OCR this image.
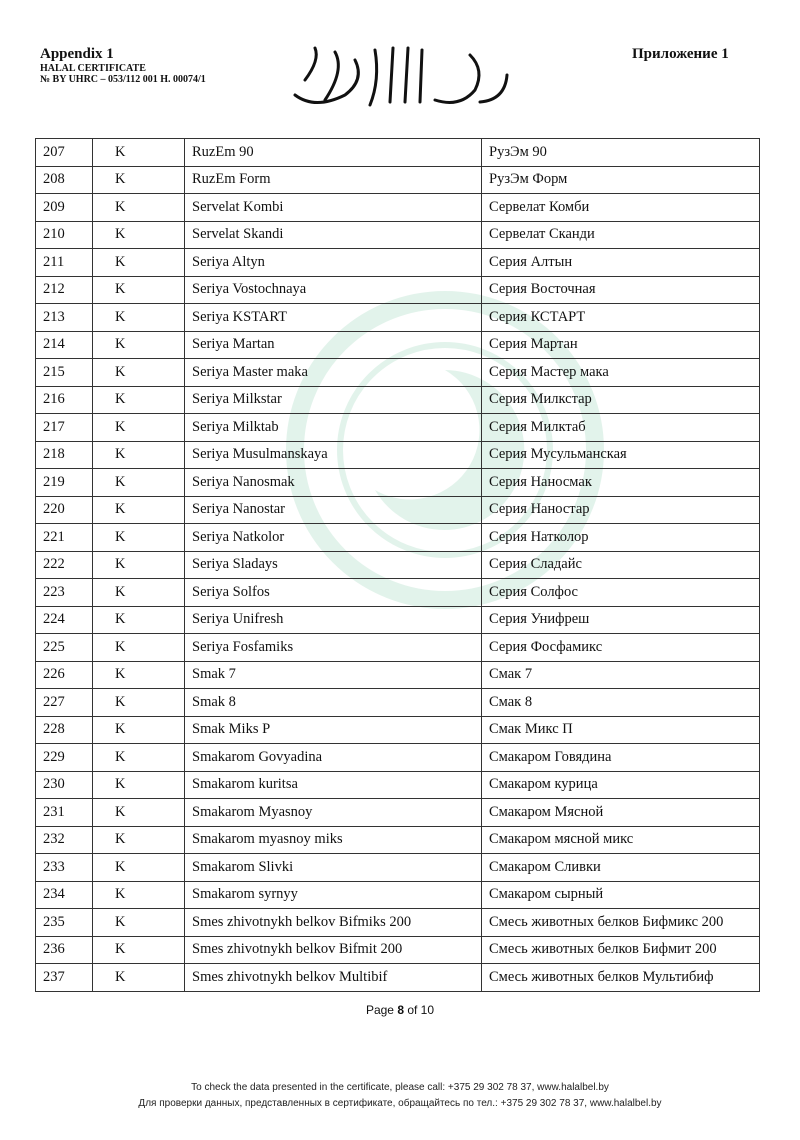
Appendix 1
HALAL CERTIFICATE
№ BY UHRC – 053/112 001 H. 00074/1
Приложение 1
207	K	RuzEm 90	РузЭм 90
208	K	RuzEm Form	РузЭм Форм
209	K	Servelat Kombi	Сервелат Комби
210	K	Servelat Skandi	Сервелат Сканди
211	K	Seriya Altyn	Серия Алтын
212	K	Seriya Vostochnaya	Серия Восточная
213	K	Seriya KSTART	Серия КСТАРТ
214	K	Seriya Martan	Серия Мартан
215	K	Seriya Master maka	Серия Мастер мака
216	K	Seriya Milkstar	Серия Милкстар
217	K	Seriya Milktab	Серия Милктаб
218	K	Seriya Musulmanskaya	Серия Мусульманская
219	K	Seriya Nanosmak	Серия Наносмак
220	K	Seriya Nanostar	Серия Наностар
221	K	Seriya Natkolor	Серия Натколор
222	K	Seriya Sladays	Серия Сладайс
223	K	Seriya Solfos	Серия Солфос
224	K	Seriya Unifresh	Серия Унифреш
225	K	Seriya Fosfamiks	Серия Фосфамикс
226	K	Smak 7	Смак 7
227	K	Smak 8	Смак 8
228	K	Smak Miks P	Смак Микс П
229	K	Smakarom Govyadina	Смакаром Говядина
230	K	Smakarom kuritsa	Смакаром курица
231	K	Smakarom Myasnoy	Смакаром Мясной
232	K	Smakarom myasnoy miks	Смакаром мясной микс
233	K	Smakarom Slivki	Смакаром Сливки
234	K	Smakarom syrnyy	Смакаром сырный
235	K	Smes zhivotnykh belkov Bifmiks 200	Смесь животных белков Бифмикс 200
236	K	Smes zhivotnykh belkov Bifmit 200	Смесь животных белков Бифмит 200
237	K	Smes zhivotnykh belkov Multibif	Смесь животных белков Мультибиф
Page 8 of 10
To check the data presented in the certificate, please call: +375 29 302 78 37, www.halalbel.by
Для проверки данных, представленных в сертификате, обращайтесь по тел.: +375 29 302 78 37, www.halalbel.by
